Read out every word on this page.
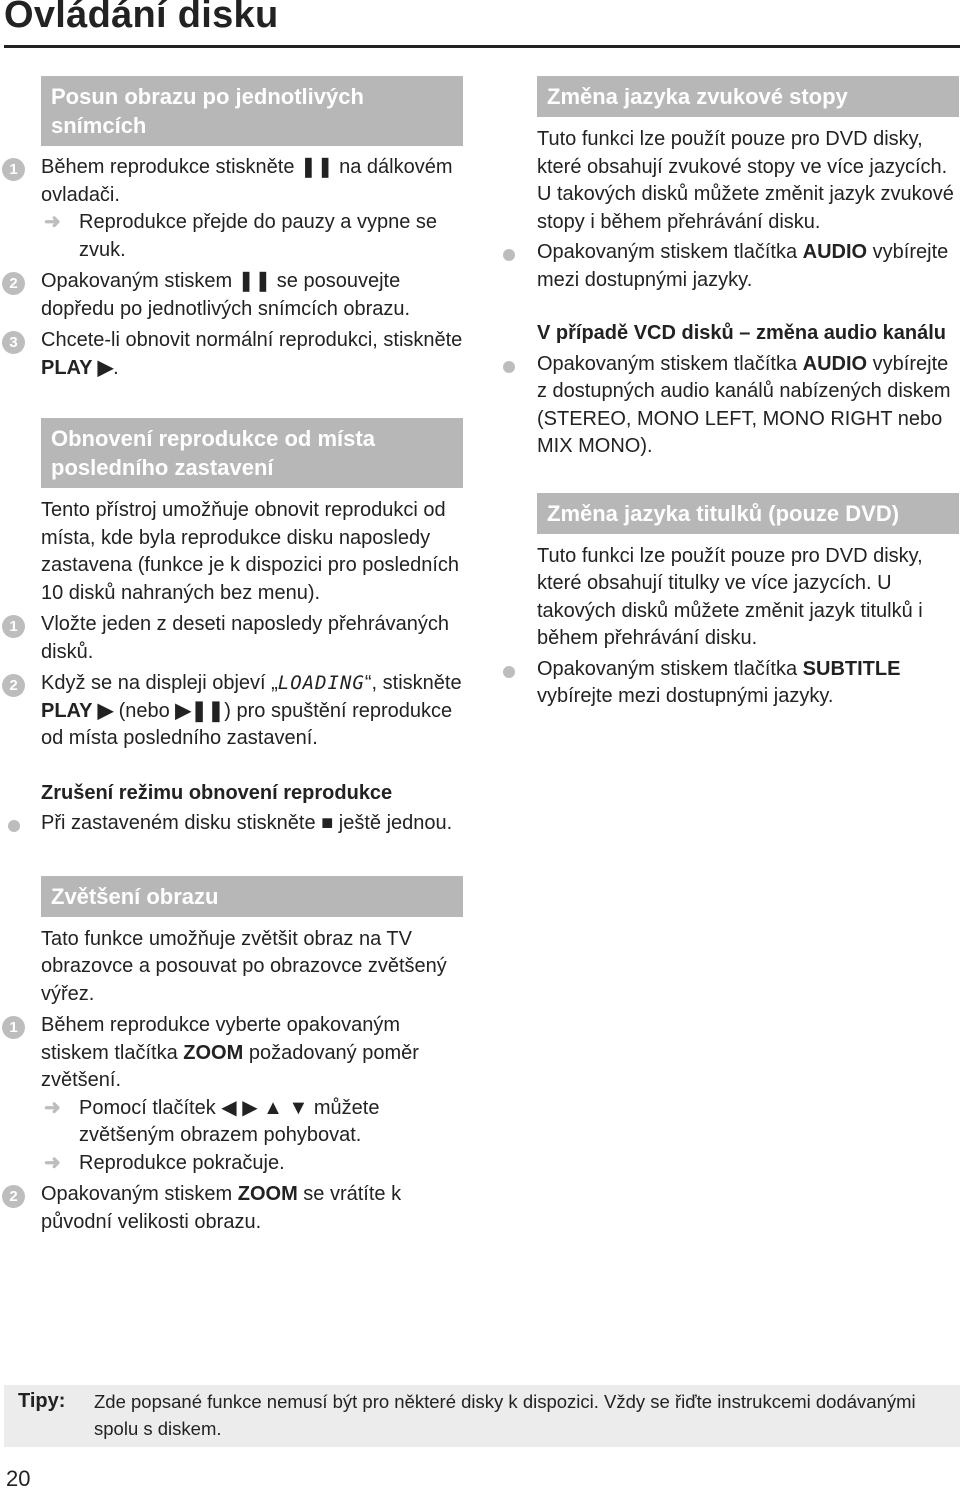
Ovládání disku
Posun obrazu po jednotlivých snímcích
1	Během reprodukce stiskněte ❚❚ na dálkovém ovladači.
➜ Reprodukce přejde do pauzy a vypne se zvuk.
2	Opakovaným stiskem ❚❚ se posouvejte dopředu po jednotlivých snímcích obrazu.
3	Chcete-li obnovit normální reprodukci, stiskněte PLAY ▶.
Obnovení reprodukce od místa posledního zastavení
Tento přístroj umožňuje obnovit reprodukci od místa, kde byla reprodukce disku naposledy zastavena (funkce je k dispozici pro posledních 10 disků nahraných bez menu).
1	Vložte jeden z deseti naposledy přehrávaných disků.
2	Když se na displeji objeví „LOADING“, stiskněte PLAY ▶ (nebo ▶❚❚) pro spuštění reprodukce od místa posledního zastavení.
Zrušení režimu obnovení reprodukce
Při zastaveném disku stiskněte ■ ještě jednou.
Zvětšení obrazu
Tato funkce umožňuje zvětšit obraz na TV obrazovce a posouvat po obrazovce zvětšený výřez.
1	Během reprodukce vyberte opakovaným stiskem tlačítka ZOOM požadovaný poměr zvětšení.
➜ Pomocí tlačítek ◀ ▶ ▲ ▼ můžete zvětšeným obrazem pohybovat.
➜ Reprodukce pokračuje.
2	Opakovaným stiskem ZOOM se vrátíte k původní velikosti obrazu.
Změna jazyka zvukové stopy
Tuto funkci lze použít pouze pro DVD disky, které obsahují zvukové stopy ve více jazycích. U takových disků můžete změnit jazyk zvukové stopy i během přehrávání disku.
Opakovaným stiskem tlačítka AUDIO vybírejte mezi dostupnými jazyky.
V případě VCD disků – změna audio kanálu
Opakovaným stiskem tlačítka AUDIO vybírejte z dostupných audio kanálů nabízených diskem (STEREO, MONO LEFT, MONO RIGHT nebo MIX MONO).
Změna jazyka titulků (pouze DVD)
Tuto funkci lze použít pouze pro DVD disky, které obsahují titulky ve více jazycích. U takových disků můžete změnit jazyk titulků i během přehrávání disku.
Opakovaným stiskem tlačítka SUBTITLE vybírejte mezi dostupnými jazyky.
Tipy: Zde popsané funkce nemusí být pro některé disky k dispozici. Vždy se řiďte instrukcemi dodávanými spolu s diskem.
20
